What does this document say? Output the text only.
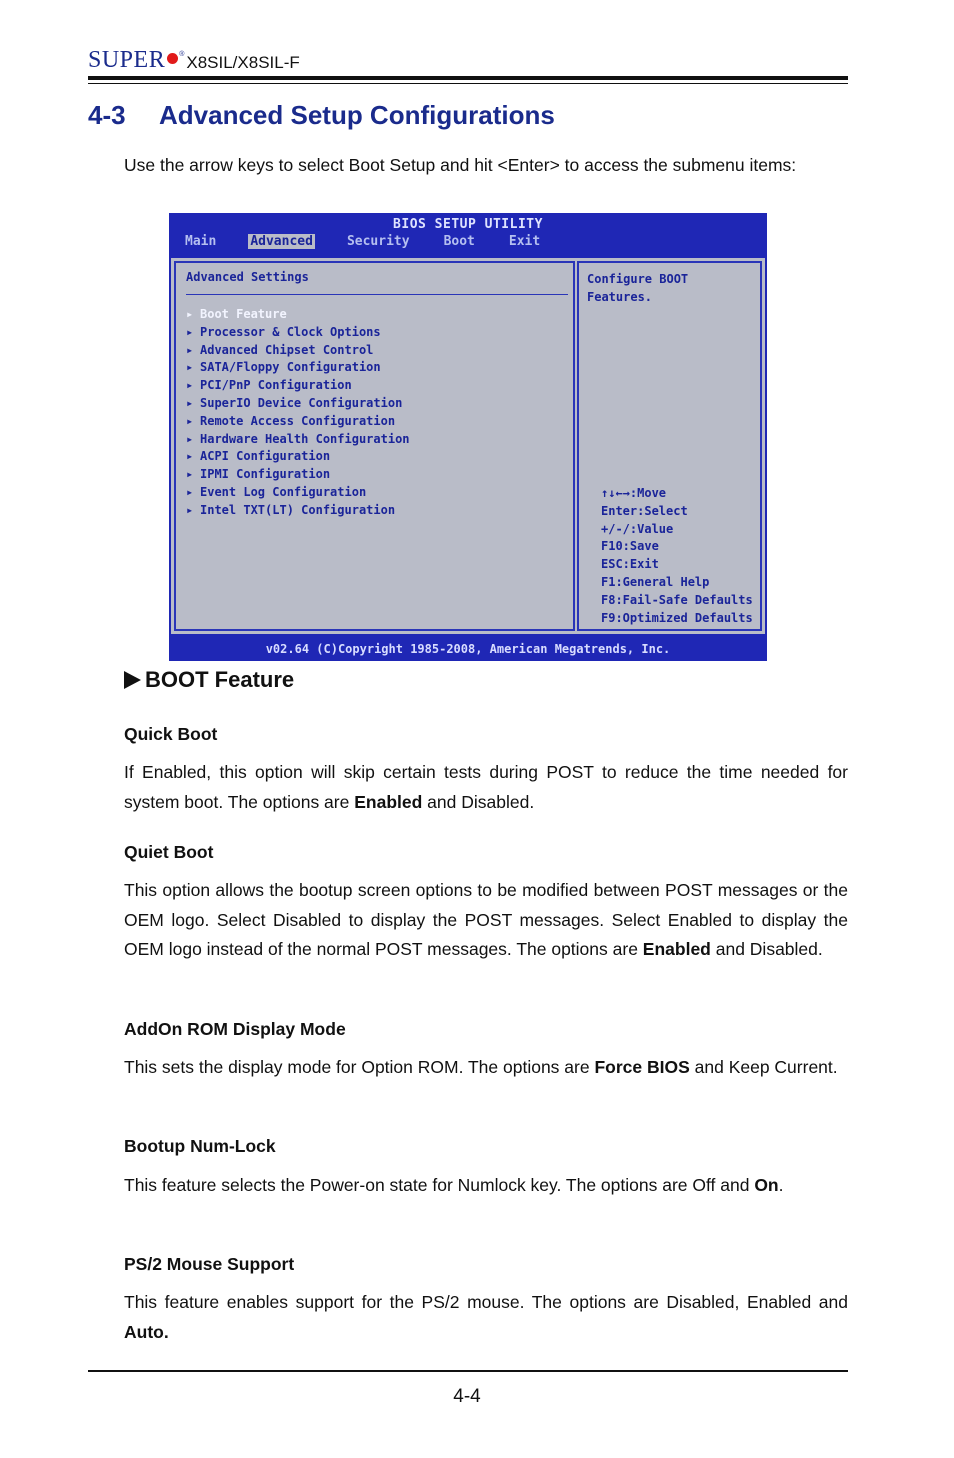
SUPER ® X8SIL/X8SIL-F
4-3 Advanced Setup Configurations

Use the arrow keys to select Boot Setup and hit <Enter> to access the submenu items:

BIOS SETUP UTILITY
Main	Advanced	Security	Boot	Exit
Advanced Settings
▸ Boot Feature
▸ Processor & Clock Options
▸ Advanced Chipset Control
▸ SATA/Floppy Configuration
▸ PCI/PnP Configuration
▸ SuperIO Device Configuration
▸ Remote Access Configuration
▸ Hardware Health Configuration
▸ ACPI Configuration
▸ IPMI Configuration
▸ Event Log Configuration
▸ Intel TXT(LT) Configuration
Configure BOOT
Features.
↑↓←→:Move
Enter:Select
+/-/:Value
F10:Save
ESC:Exit
F1:General Help
F8:Fail-Safe Defaults
F9:Optimized Defaults
v02.64 (C)Copyright 1985-2008, American Megatrends, Inc.
BOOT Feature
Quick Boot

If Enabled, this option will skip certain tests during POST to reduce the time needed for system boot. The options are Enabled and Disabled.

Quiet Boot

This option allows the bootup screen options to be modified between POST messages or the OEM logo. Select Disabled to display the POST messages. Select Enabled to display the OEM logo instead of the normal POST messages. The options are Enabled and Disabled.

AddOn ROM Display Mode

This sets the display mode for Option ROM. The options are Force BIOS and Keep Current.

Bootup Num-Lock

This feature selects the Power-on state for Numlock key. The options are Off and On.

PS/2 Mouse Support

This feature enables support for the PS/2 mouse. The options are Disabled, Enabled and Auto.

4-4
